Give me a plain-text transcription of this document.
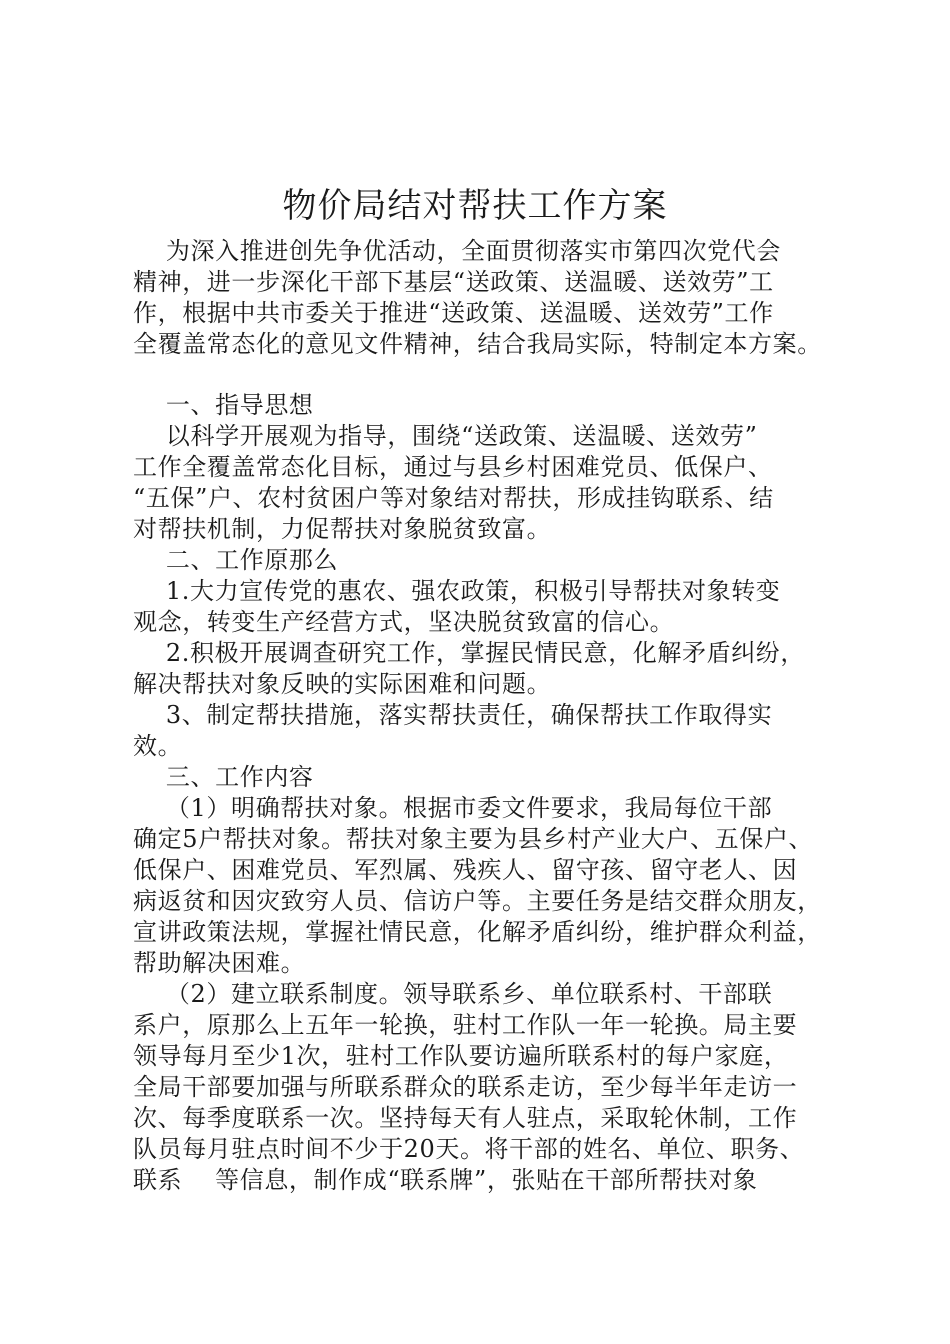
物价局结对帮扶工作方案

为深入推进创先争优活动，全面贯彻落实市第四次党代会

精神，进一步深化干部下基层“送政策、送温暖、送效劳”工

作，根据中共市委关于推进“送政策、送温暖、送效劳”工作

全覆盖常态化的意见文件精神，结合我局实际，特制定本方案。

一、指导思想

以科学开展观为指导，围绕“送政策、送温暖、送效劳”

工作全覆盖常态化目标，通过与县乡村困难党员、低保户、

“五保”户、农村贫困户等对象结对帮扶，形成挂钩联系、结

对帮扶机制，力促帮扶对象脱贫致富。

二、工作原那么

1.大力宣传党的惠农、强农政策，积极引导帮扶对象转变

观念，转变生产经营方式，坚决脱贫致富的信心。

2.积极开展调查研究工作，掌握民情民意，化解矛盾纠纷，

解决帮扶对象反映的实际困难和问题。

3、制定帮扶措施，落实帮扶责任，确保帮扶工作取得实

效。

三、工作内容

（1）明确帮扶对象。根据市委文件要求，我局每位干部

确定5户帮扶对象。帮扶对象主要为县乡村产业大户、五保户、

低保户、困难党员、军烈属、残疾人、留守孩、留守老人、因

病返贫和因灾致穷人员、信访户等。主要任务是结交群众朋友，

宣讲政策法规，掌握社情民意，化解矛盾纠纷，维护群众利益，

帮助解决困难。

（2）建立联系制度。领导联系乡、单位联系村、干部联

系户，原那么上五年一轮换，驻村工作队一年一轮换。局主要

领导每月至少1次，驻村工作队要访遍所联系村的每户家庭，

全局干部要加强与所联系群众的联系走访，至少每半年走访一

次、每季度联系一次。坚持每天有人驻点，采取轮休制，工作

队员每月驻点时间不少于20天。将干部的姓名、单位、职务、

联系    等信息，制作成“联系牌”，张贴在干部所帮扶对象
